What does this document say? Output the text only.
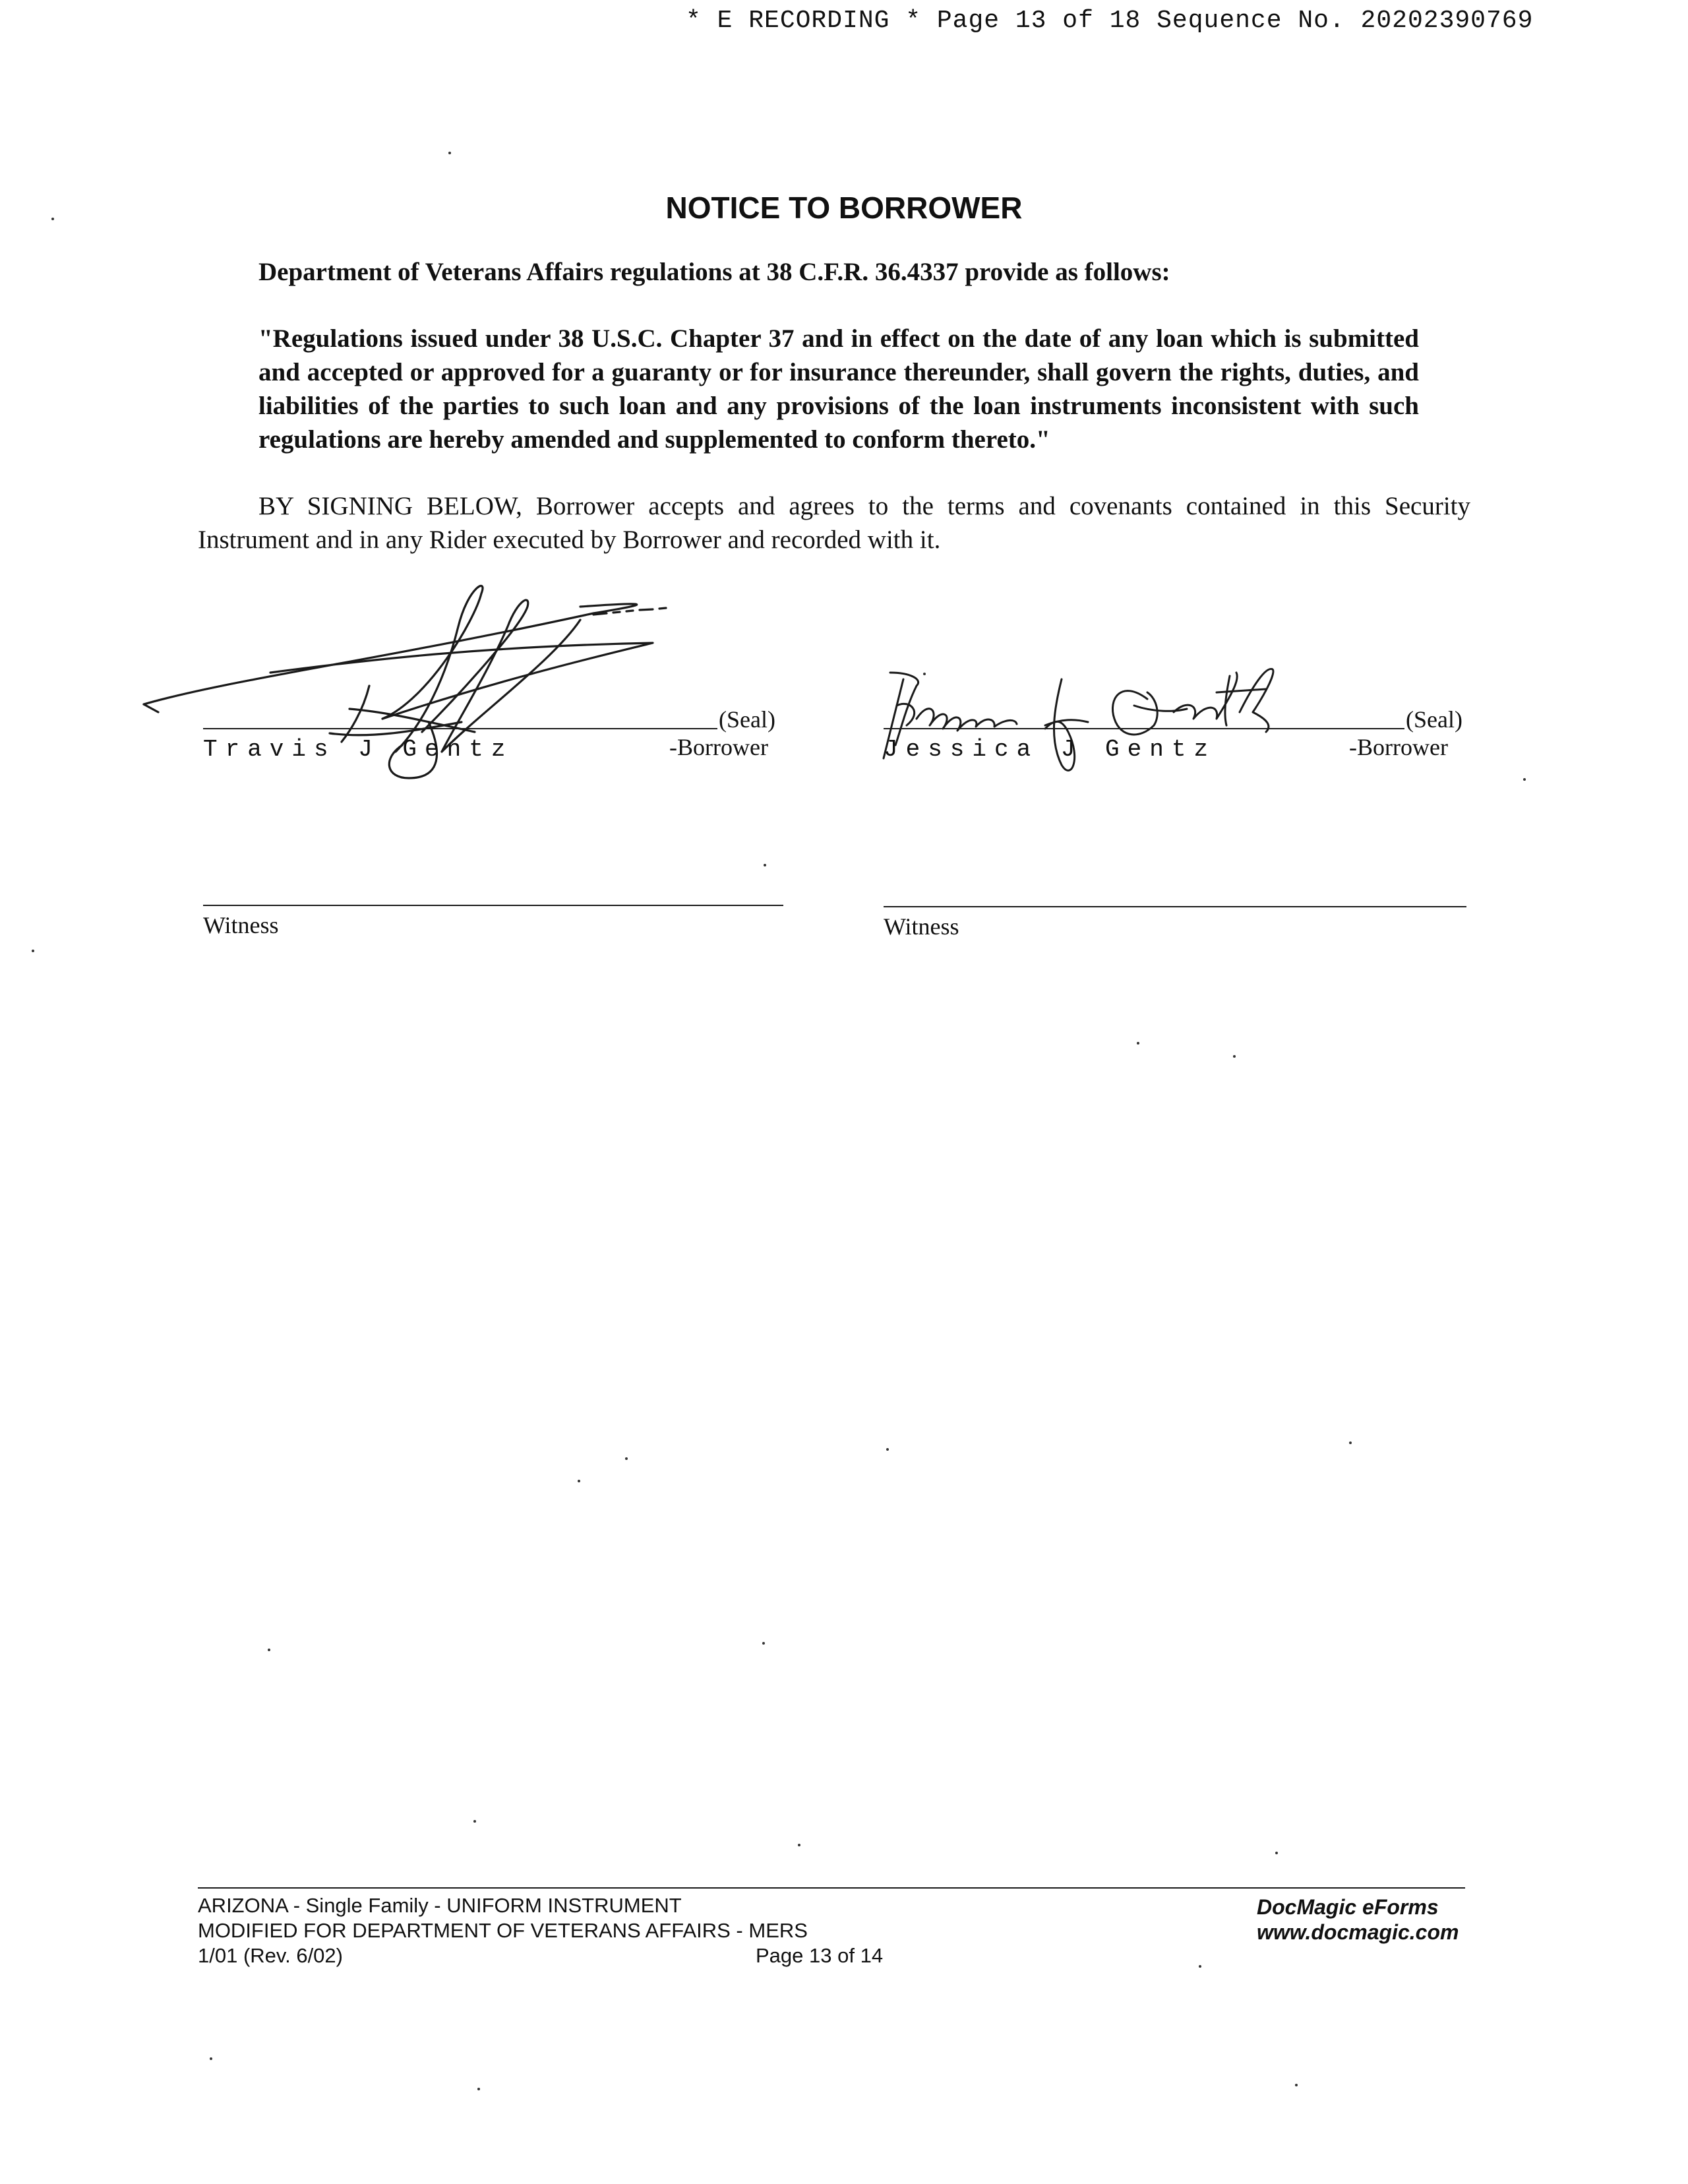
* E RECORDING * Page 13 of 18 Sequence No. 20202390769
NOTICE TO BORROWER
Department of Veterans Affairs regulations at 38 C.F.R. 36.4337 provide as follows:
"Regulations issued under 38 U.S.C. Chapter 37 and in effect on the date of any loan which is submitted and accepted or approved for a guaranty or for insurance thereunder, shall govern the rights, duties, and liabilities of the parties to such loan and any provisions of the loan instruments inconsistent with such regulations are hereby amended and supplemented to conform thereto."
BY SIGNING BELOW, Borrower accepts and agrees to the terms and covenants contained in this Security Instrument and in any Rider executed by Borrower and recorded with it.
(Seal)
Travis J Gentz	-Borrower
(Seal)
Jessica J Gentz	-Borrower
Witness	Witness
ARIZONA - Single Family - UNIFORM INSTRUMENT
MODIFIED FOR DEPARTMENT OF VETERANS AFFAIRS - MERS
1/01 (Rev. 6/02)	Page 13 of 14
DocMagic eForms
www.docmagic.com
